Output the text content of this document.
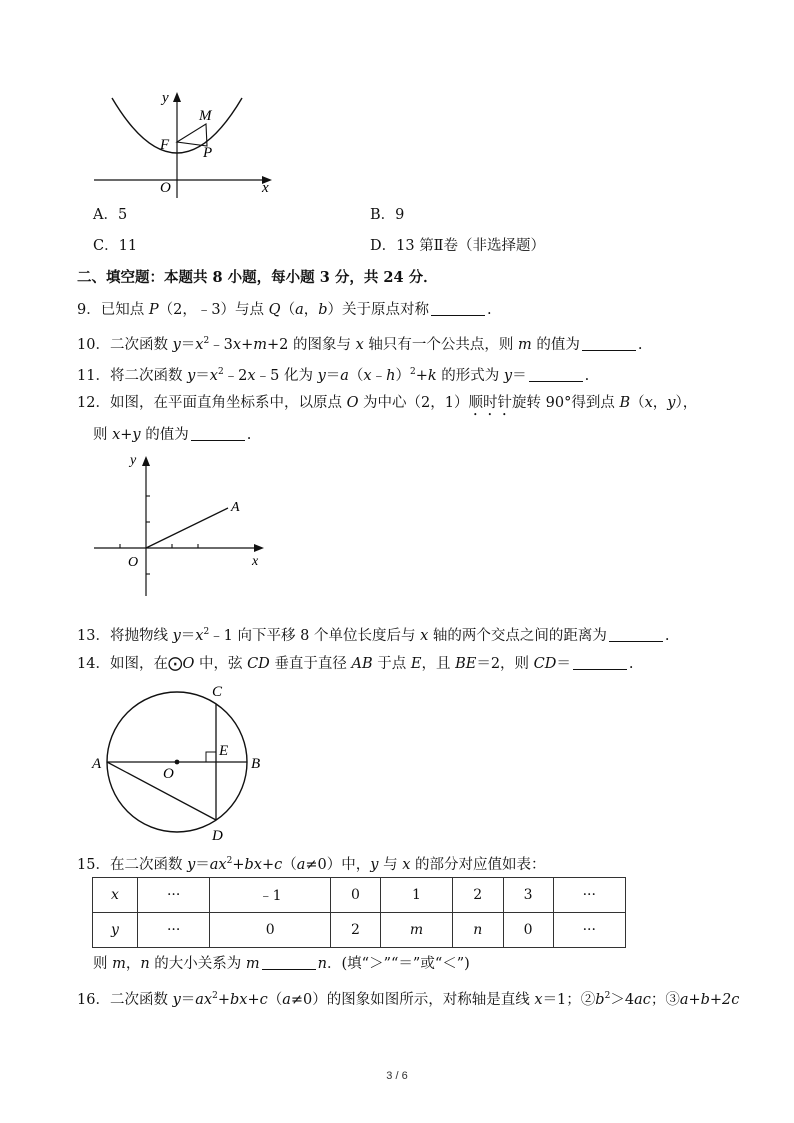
y
M
F P
O	x
A．5	B．9
C．11	D．13 第Ⅱ卷（非选择题）
二、填空题：本题共 8 小题，每小题 3 分，共 24 分．
9．已知点 P（2，﹣3）与点 Q（a，b）关于原点对称	.
10．二次函数 $y=x^2﹣3x+m+2$ 的图象与 x 轴只有一个公共点，则 m 的值为	.
11．将二次函数 $y=x^2﹣2x﹣5$ 化为 y＝a（x﹣h）$^2$+k 的形式为 y＝	.
12．如图，在平面直角坐标系中，以原点 O 为中心（2，1）顺时针旋转 90°得到点 B（x，y），
则 x+y 的值为	.
y
A
O	x
13．将抛物线 $y=x^2﹣1$ 向下平移 8 个单位长度后与 x 轴的两个交点之间的距离为	.
14．如图，在⨀O 中，弦 CD 垂直于直径 AB 于点 E，且 BE＝2，则 CD＝	.
C
E
A
O
B
D
15．在二次函数 $y=ax^2+bx+c(a\ne 0)$中，y 与 x 的部分对应值如表：
x	···	﹣1	0	1	2	3	···
y	···	0	2	m	n	0	···
则 m，n 的大小关系为 m	n．(填“＞”“＝”或“＜”)
16．二次函数 $y=ax^2+bx+c(a\ne 0)$的图象如图所示，对称轴是直线 x＝1；$②b^2>4ac$；③a+b+2c
3 / 6
